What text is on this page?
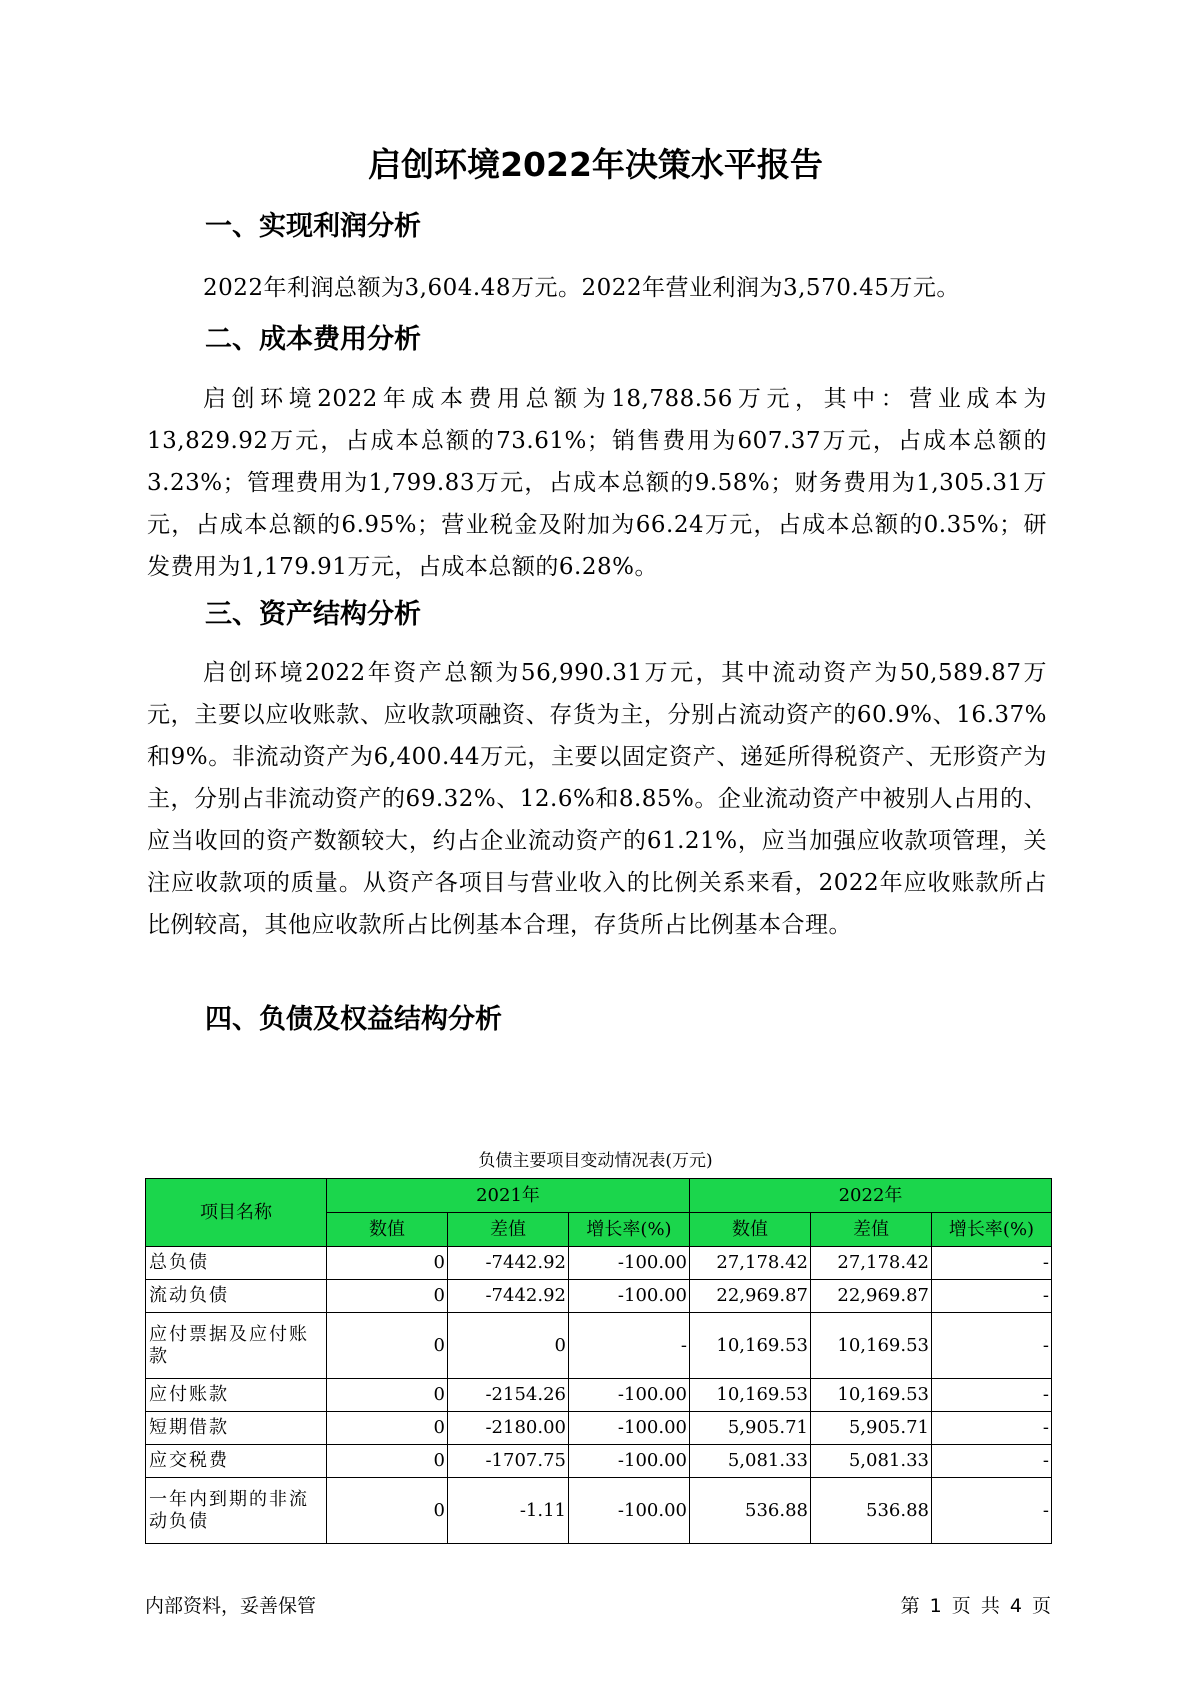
启创环境2022年决策水平报告
一、实现利润分析

2022年利润总额为3,604.48万元。2022年营业利润为3,570.45万元。

二、成本费用分析

启创环境2022年成本费用总额为18,788.56万元，其中：营业成本为13,829.92万元，占成本总额的73.61%；销售费用为607.37万元，占成本总额的3.23%；管理费用为1,799.83万元，占成本总额的9.58%；财务费用为1,305.31万元，占成本总额的6.95%；营业税金及附加为66.24万元，占成本总额的0.35%；研发费用为1,179.91万元，占成本总额的6.28%。

三、资产结构分析

启创环境2022年资产总额为56,990.31万元，其中流动资产为50,589.87万元，主要以应收账款、应收款项融资、存货为主，分别占流动资产的60.9%、16.37%和9%。非流动资产为6,400.44万元，主要以固定资产、递延所得税资产、无形资产为主，分别占非流动资产的69.32%、12.6%和8.85%。企业流动资产中被别人占用的、应当收回的资产数额较大，约占企业流动资产的61.21%，应当加强应收款项管理，关注应收款项的质量。从资产各项目与营业收入的比例关系来看，2022年应收账款所占比例较高，其他应收款所占比例基本合理，存货所占比例基本合理。

四、负债及权益结构分析
负债主要项目变动情况表(万元)
项目名称	2021年			2022年		
	数值	差值	增长率(%)	数值	差值	增长率(%)
总负债	0	-7442.92	-100.00	27,178.42	27,178.42	-
流动负债	0	-7442.92	-100.00	22,969.87	22,969.87	-
应付票据及应付账款	0	0	-	10,169.53	10,169.53	-
应付账款	0	-2154.26	-100.00	10,169.53	10,169.53	-
短期借款	0	-2180.00	-100.00	5,905.71	5,905.71	-
应交税费	0	-1707.75	-100.00	5,081.33	5,081.33	-
一年内到期的非流动负债	0	-1.11	-100.00	536.88	536.88	-
内部资料，妥善保管	第 1 页 共 4 页
